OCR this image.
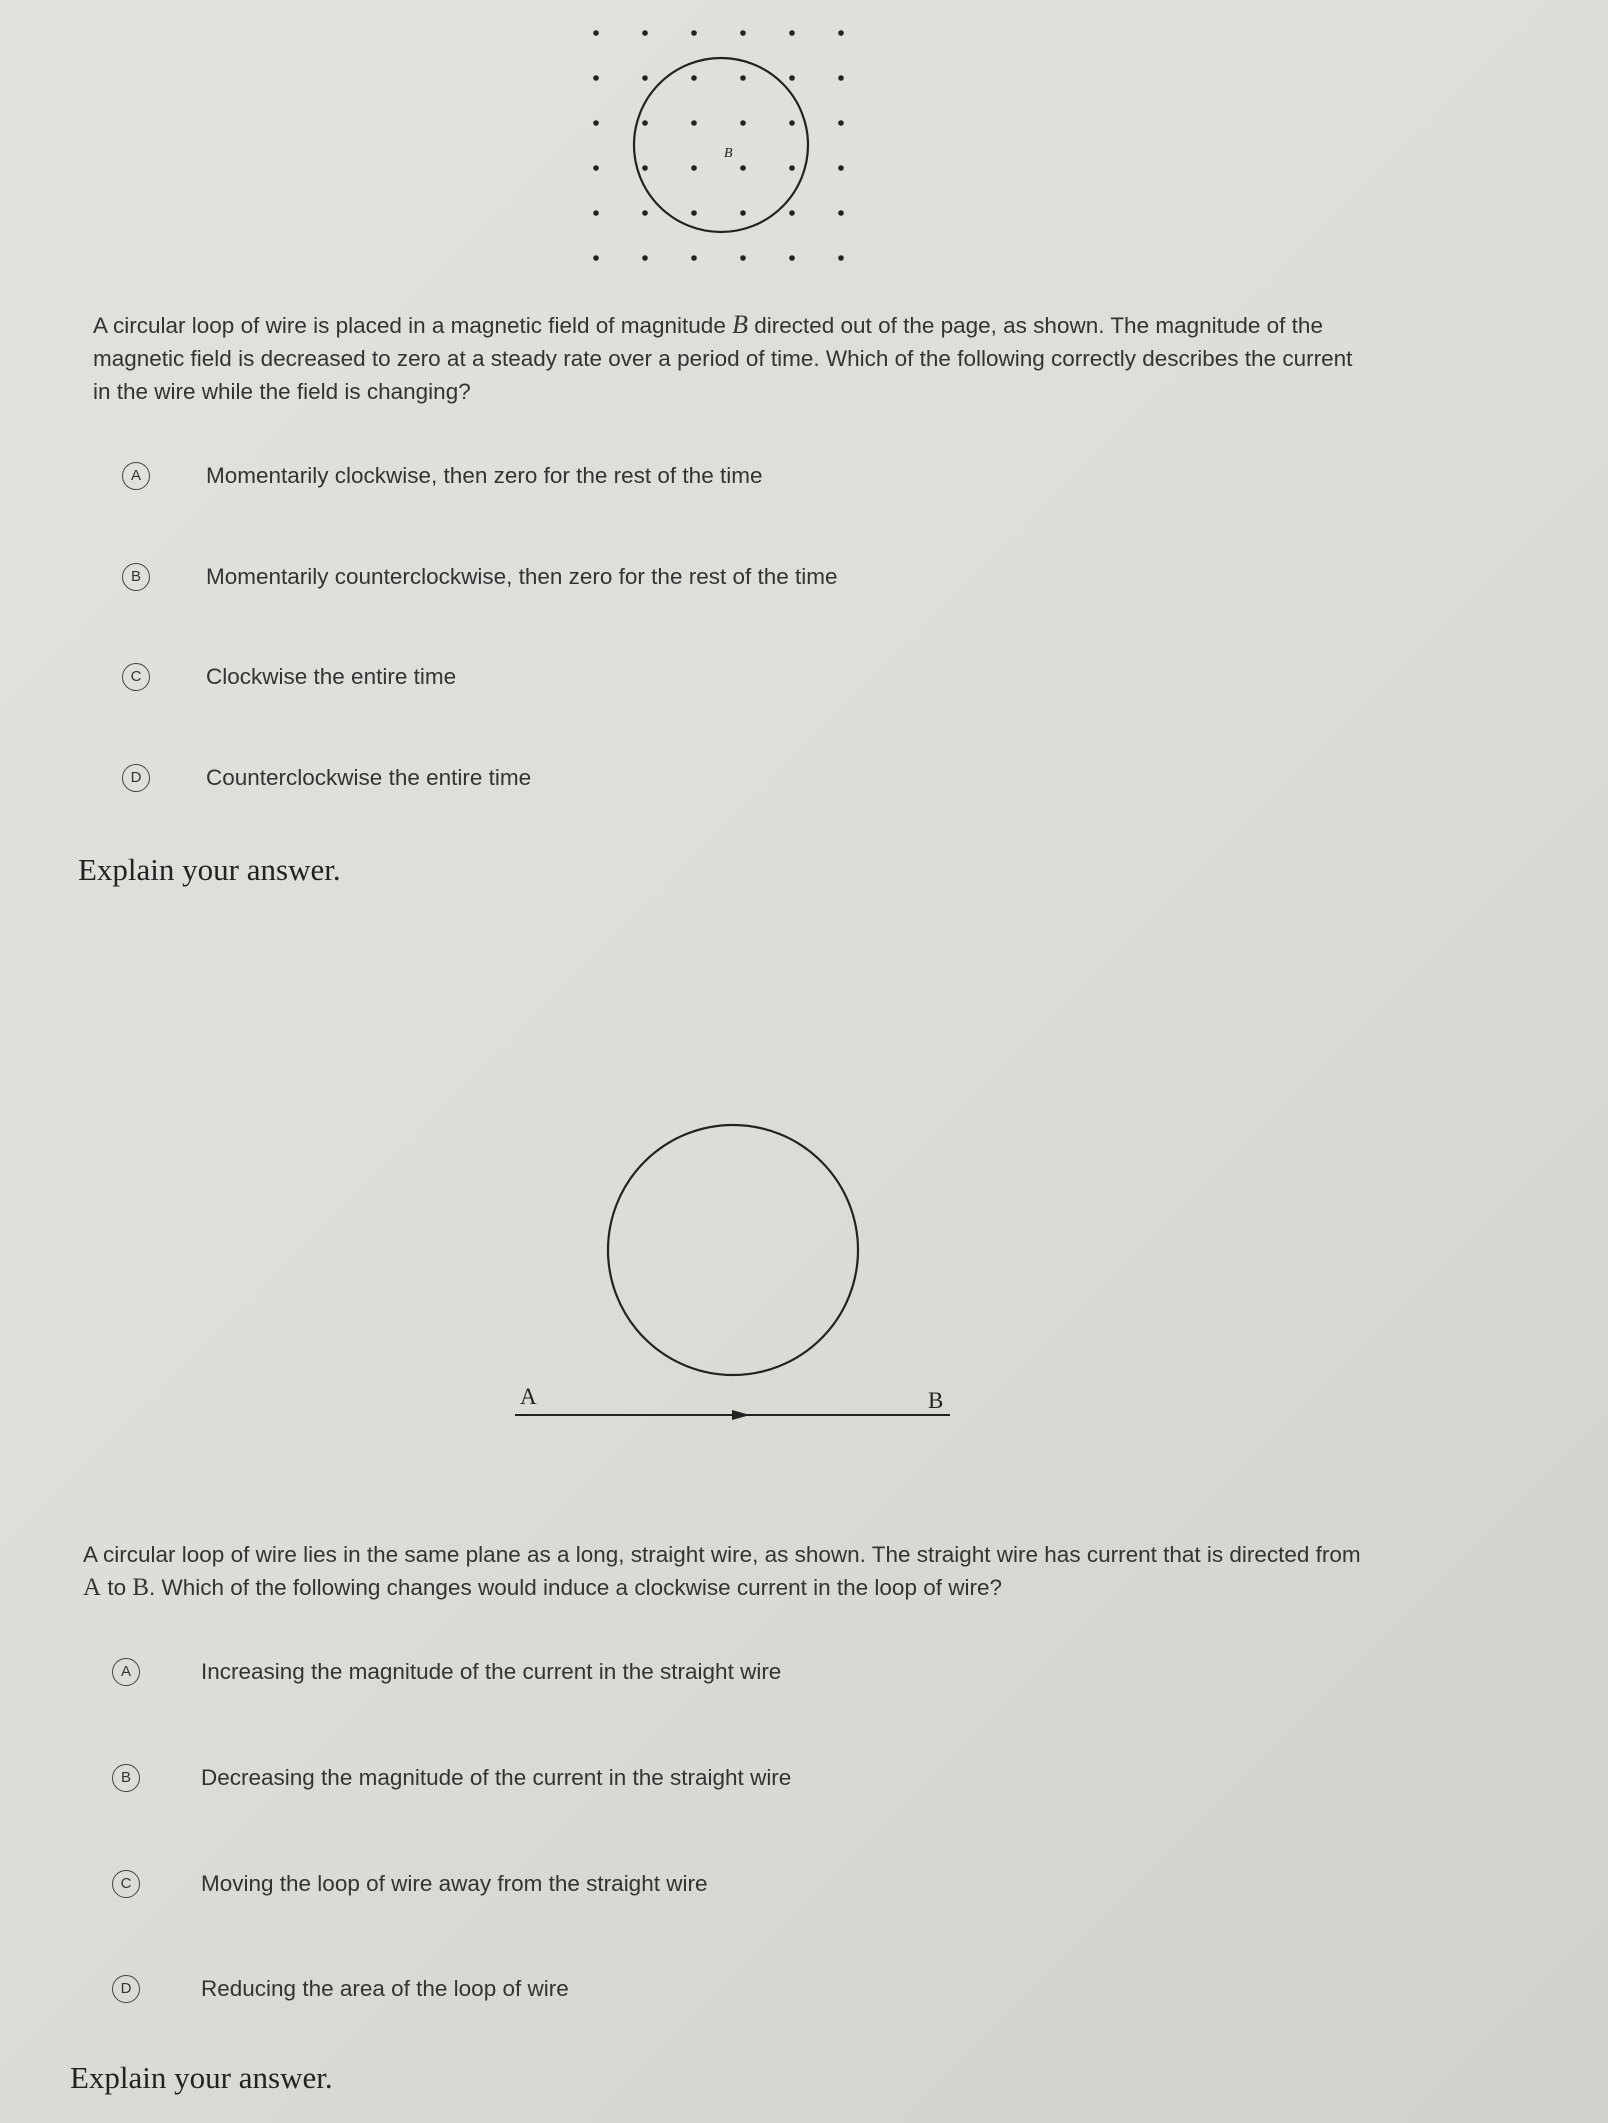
B
A circular loop of wire is placed in a magnetic field of magnitude B directed out of the page, as shown. The magnitude of the
magnetic field is decreased to zero at a steady rate over a period of time. Which of the following correctly describes the current
in the wire while the field is changing?
A	Momentarily clockwise, then zero for the rest of the time
B	Momentarily counterclockwise, then zero for the rest of the time
C	Clockwise the entire time
D	Counterclockwise the entire time
Explain your answer.
A	B
A circular loop of wire lies in the same plane as a long, straight wire, as shown. The straight wire has current that is directed from
A to B. Which of the following changes would induce a clockwise current in the loop of wire?
A	Increasing the magnitude of the current in the straight wire
B	Decreasing the magnitude of the current in the straight wire
C	Moving the loop of wire away from the straight wire
D	Reducing the area of the loop of wire
Explain your answer.
